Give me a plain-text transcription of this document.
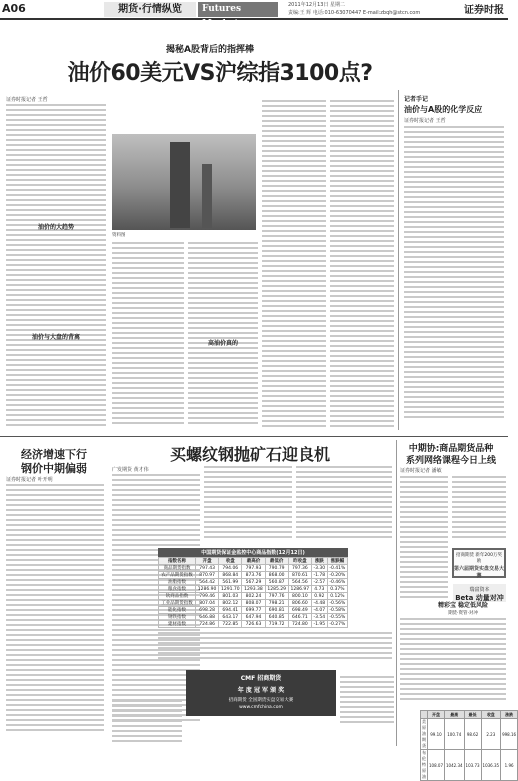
A06	期货·行情纵览	Futures Market
2011年12月13日 星期二
责编:王 辉 电话:010-63070447 E-mail:zbqh@stcn.com	证券时报
揭秘A股背后的指挥棒
油价60美元VS沪综指3100点?
证券时报记者 王哲
油价的大趋势
油价与大盘的背离
资料图
高油价真的
记者手记
油价与A股的化学反应
证券时报记者 王哲
经济增速下行
钢价中期偏弱
证券时报记者 叶开明
买螺纹钢抛矿石迎良机
广发期货 黄才伟
中国期货保证金监控中心商品指数(12月12日)
指数名称	开盘	收盘	最高价	最低价	昨收盘	涨跌	涨跌幅
商品期货指数	797.43	794.06	797.93	790.79	797.36	-3.30	-0.41%
农产品期货指数	870.97	868.84	873.76	868.00	870.61	-1.78	-0.20%
油脂指数	564.42	561.99	567.29	560.87	564.56	-2.57	-0.46%
粮食指数	1286.90	1291.70	1293.38	1285.29	1286.97	4.73	0.37%
软商品指数	799.46	801.03	802.24	797.76	800.10	0.92	0.12%
工业品期货指数	807.04	802.12	808.07	798.21	806.60	-4.48	-0.56%
能化指数	698.28	694.41	699.77	690.81	698.49	-4.07	-0.58%
钢铁指数	646.88	643.17	647.94	640.85	646.71	-3.54	-0.55%
建材指数	724.86	722.85	726.63	719.72	724.80	-1.95	-0.27%
CMF 招商期货
年 度 冠 军 颁 奖
招商期货 全国期货实盘交易大赛
www.cmfchina.com
中期协:商品期货品种
系列网络课程今日上线
证券时报记者 潘敏
招商期货 新年200万奖励
第六届期货实盘交易大赛
瑞富资本
Beta 动量对冲
精彩宝 稳定低风险
期货·资管·对冲
	开盘	最高	最低	收盘	涨跌
美原油期货	99.10	100.74	98.62	2.23	998.16
布伦特原油	108.07	1042.34	103.73	1036.35	1.96
